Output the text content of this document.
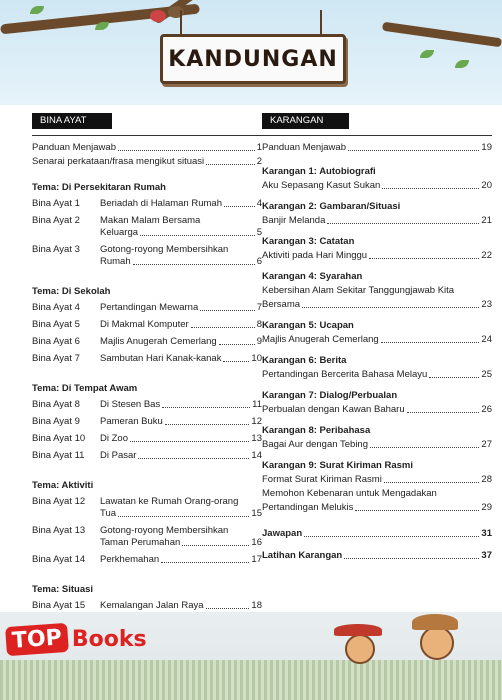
KANDUNGAN
BINA AYAT
Panduan Menjawab	1
Senarai perkataan/frasa mengikut situasi	2
Tema: Di Persekitaran Rumah
Bina Ayat 1	Beriadah di Halaman Rumah	4
Bina Ayat 2	Makan Malam Bersama
Keluarga	5
Bina Ayat 3	Gotong-royong Membersihkan
Rumah	6
Tema: Di Sekolah
Bina Ayat 4	Pertandingan Mewarna	7
Bina Ayat 5	Di Makmal Komputer	8
Bina Ayat 6	Majlis Anugerah Cemerlang	9
Bina Ayat 7	Sambutan Hari Kanak-kanak	10
Tema: Di Tempat Awam
Bina Ayat 8	Di Stesen Bas	11
Bina Ayat 9	Pameran Buku	12
Bina Ayat 10	Di Zoo	13
Bina Ayat 11	Di Pasar	14
Tema: Aktiviti
Bina Ayat 12	Lawatan ke Rumah Orang-orang
Tua	15
Bina Ayat 13	Gotong-royong Membersihkan
Taman Perumahan	16
Bina Ayat 14	Perkhemahan	17
Tema: Situasi
Bina Ayat 15	Kemalangan Jalan Raya	18
KARANGAN
Panduan Menjawab	19
Karangan 1: Autobiografi
Aku Sepasang Kasut Sukan	20
Karangan 2: Gambaran/Situasi
Banjir Melanda	21
Karangan 3: Catatan
Aktiviti pada Hari Minggu	22
Karangan 4: Syarahan
Kebersihan Alam Sekitar Tanggungjawab Kita
Bersama	23
Karangan 5: Ucapan
Majlis Anugerah Cemerlang	24
Karangan 6: Berita
Pertandingan Bercerita Bahasa Melayu	25
Karangan 7: Dialog/Perbualan
Perbualan dengan Kawan Baharu	26
Karangan 8: Peribahasa
Bagai Aur dengan Tebing	27
Karangan 9: Surat Kiriman Rasmi
Format Surat Kiriman Rasmi	28
Memohon Kebenaran untuk Mengadakan
Pertandingan Melukis	29
Jawapan	31
Latihan Karangan	37
TOP Books
